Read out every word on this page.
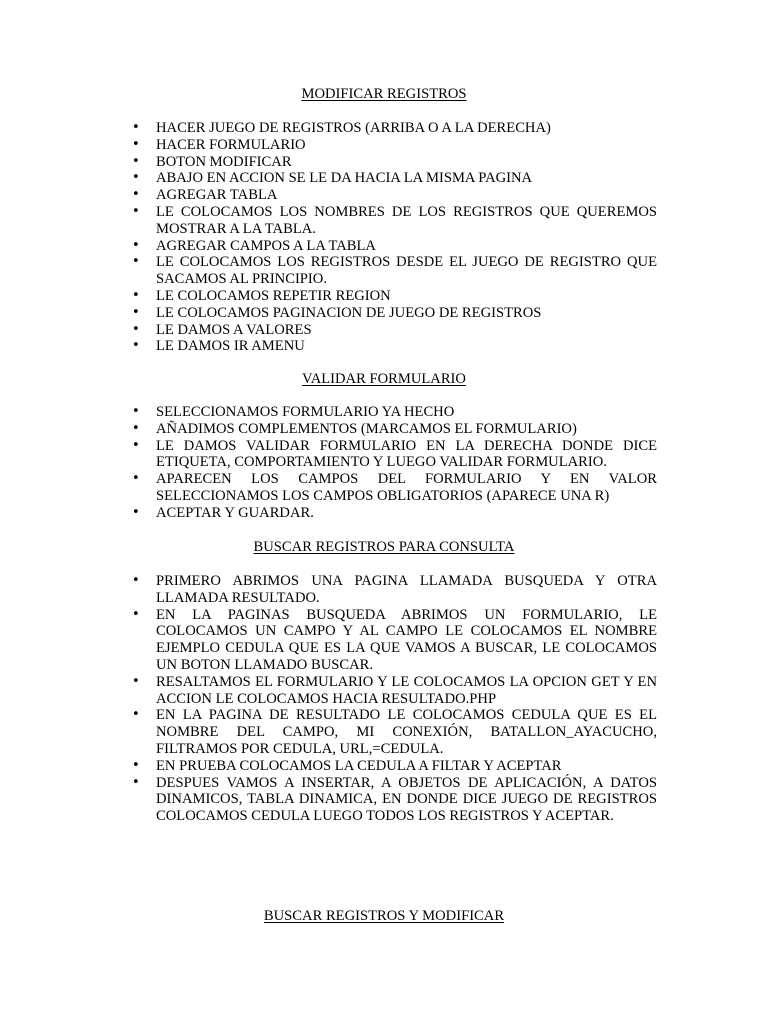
MODIFICAR REGISTROS
• HACER JUEGO DE REGISTROS (ARRIBA O A LA DERECHA)
• HACER FORMULARIO
• BOTON MODIFICAR
• ABAJO EN ACCION SE LE DA HACIA LA MISMA PAGINA
• AGREGAR TABLA
• LE COLOCAMOS LOS NOMBRES DE LOS REGISTROS QUE QUEREMOS MOSTRAR A LA TABLA.
• AGREGAR CAMPOS A LA TABLA
• LE COLOCAMOS LOS REGISTROS DESDE EL JUEGO DE REGISTRO QUE SACAMOS AL PRINCIPIO.
• LE COLOCAMOS REPETIR REGION
• LE COLOCAMOS PAGINACION DE JUEGO DE REGISTROS
• LE DAMOS A VALORES
• LE DAMOS IR AMENU
VALIDAR FORMULARIO
• SELECCIONAMOS FORMULARIO YA HECHO
• AÑADIMOS COMPLEMENTOS (MARCAMOS EL FORMULARIO)
• LE DAMOS VALIDAR FORMULARIO EN LA DERECHA DONDE DICE ETIQUETA, COMPORTAMIENTO Y LUEGO VALIDAR FORMULARIO.
• APARECEN LOS CAMPOS DEL FORMULARIO Y EN VALOR SELECCIONAMOS LOS CAMPOS OBLIGATORIOS (APARECE UNA R)
• ACEPTAR Y GUARDAR.
BUSCAR REGISTROS PARA CONSULTA
• PRIMERO ABRIMOS UNA PAGINA LLAMADA BUSQUEDA Y OTRA LLAMADA RESULTADO.
• EN LA PAGINAS BUSQUEDA ABRIMOS UN FORMULARIO, LE COLOCAMOS UN CAMPO Y AL CAMPO LE COLOCAMOS EL NOMBRE EJEMPLO CEDULA QUE ES LA QUE VAMOS A BUSCAR, LE COLOCAMOS UN BOTON LLAMADO BUSCAR.
• RESALTAMOS EL FORMULARIO Y LE COLOCAMOS LA OPCION GET Y EN ACCION LE COLOCAMOS HACIA RESULTADO.PHP
• EN LA PAGINA DE RESULTADO LE COLOCAMOS CEDULA QUE ES EL NOMBRE DEL CAMPO, MI CONEXIÓN, BATALLON_AYACUCHO, FILTRAMOS POR CEDULA, URL,=CEDULA.
• EN PRUEBA COLOCAMOS LA CEDULA A FILTAR Y ACEPTAR
• DESPUES VAMOS A INSERTAR, A OBJETOS DE APLICACIÓN, A DATOS DINAMICOS, TABLA DINAMICA, EN DONDE DICE JUEGO DE REGISTROS COLOCAMOS CEDULA LUEGO TODOS LOS REGISTROS Y ACEPTAR.
BUSCAR REGISTROS Y MODIFICAR
